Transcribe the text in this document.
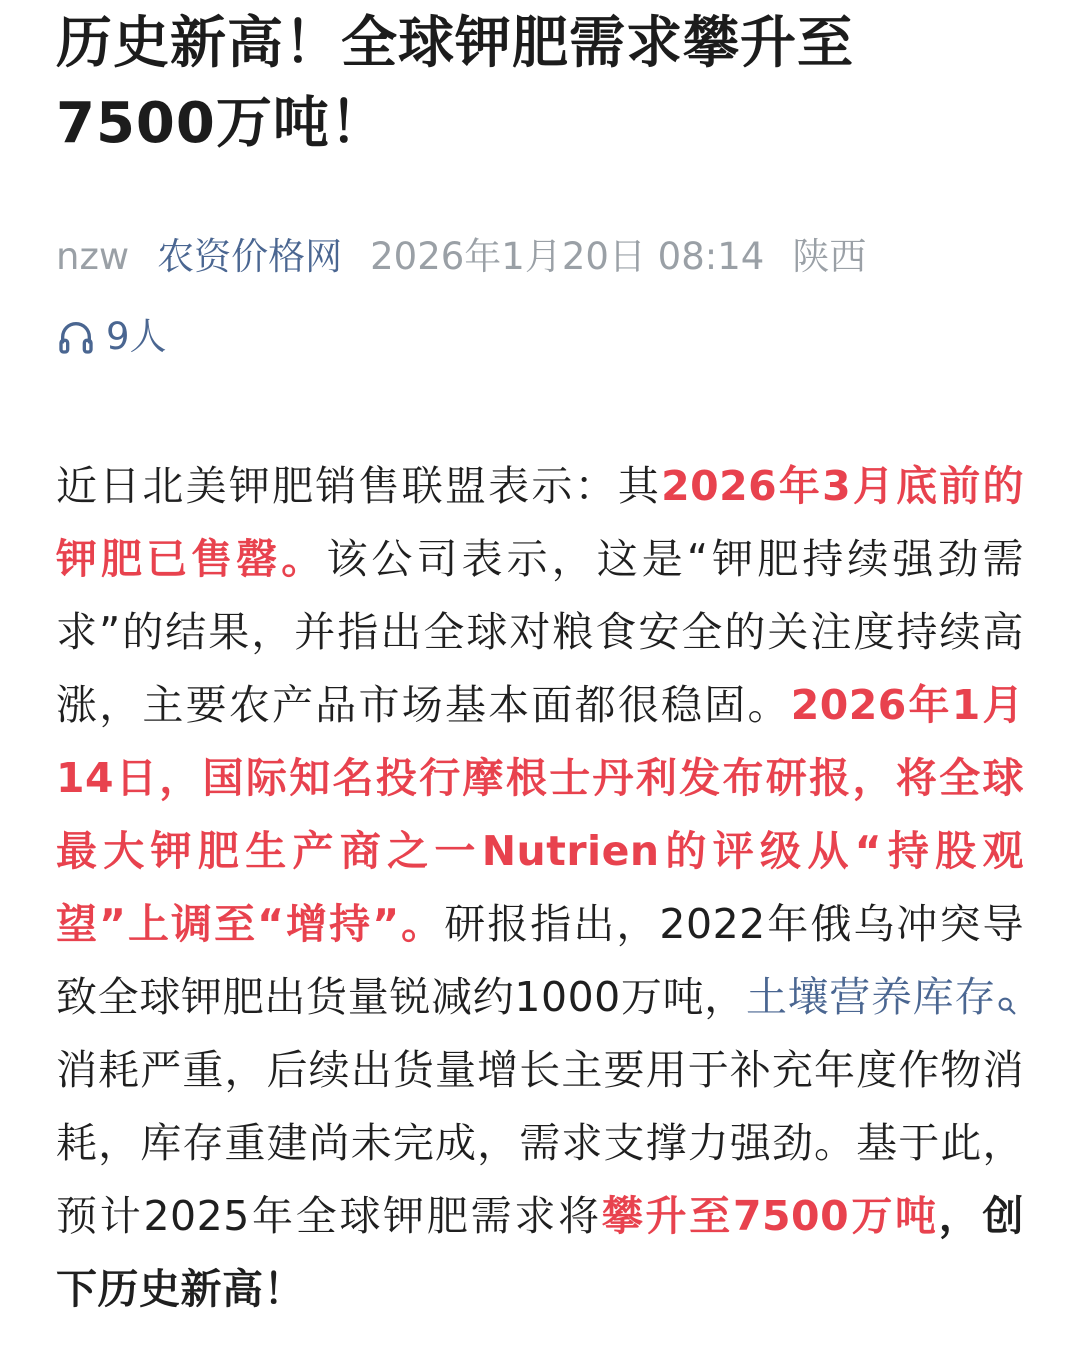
历史新高！全球钾肥需求攀升至
7500万吨！
nzw 农资价格网 2026年1月20日 08:14 陕西
9人
近日北美钾肥销售联盟表示：其2026年3月底前的钾肥已售罄。该公司表示，这是“钾肥持续强劲需求”的结果，并指出全球对粮食安全的关注度持续高涨，主要农产品市场基本面都很稳固。2026年1月14日，国际知名投行摩根士丹利发布研报，将全球最大钾肥生产商之一Nutrien的评级从“持股观望”上调至“增持”。研报指出，2022年俄乌冲突导致全球钾肥出货量锐减约1000万吨，土壤营养库存消耗严重，后续出货量增长主要用于补充年度作物消耗，库存重建尚未完成，需求支撑力强劲。基于此，预计2025年全球钾肥需求将攀升至7500万吨，创下历史新高！
